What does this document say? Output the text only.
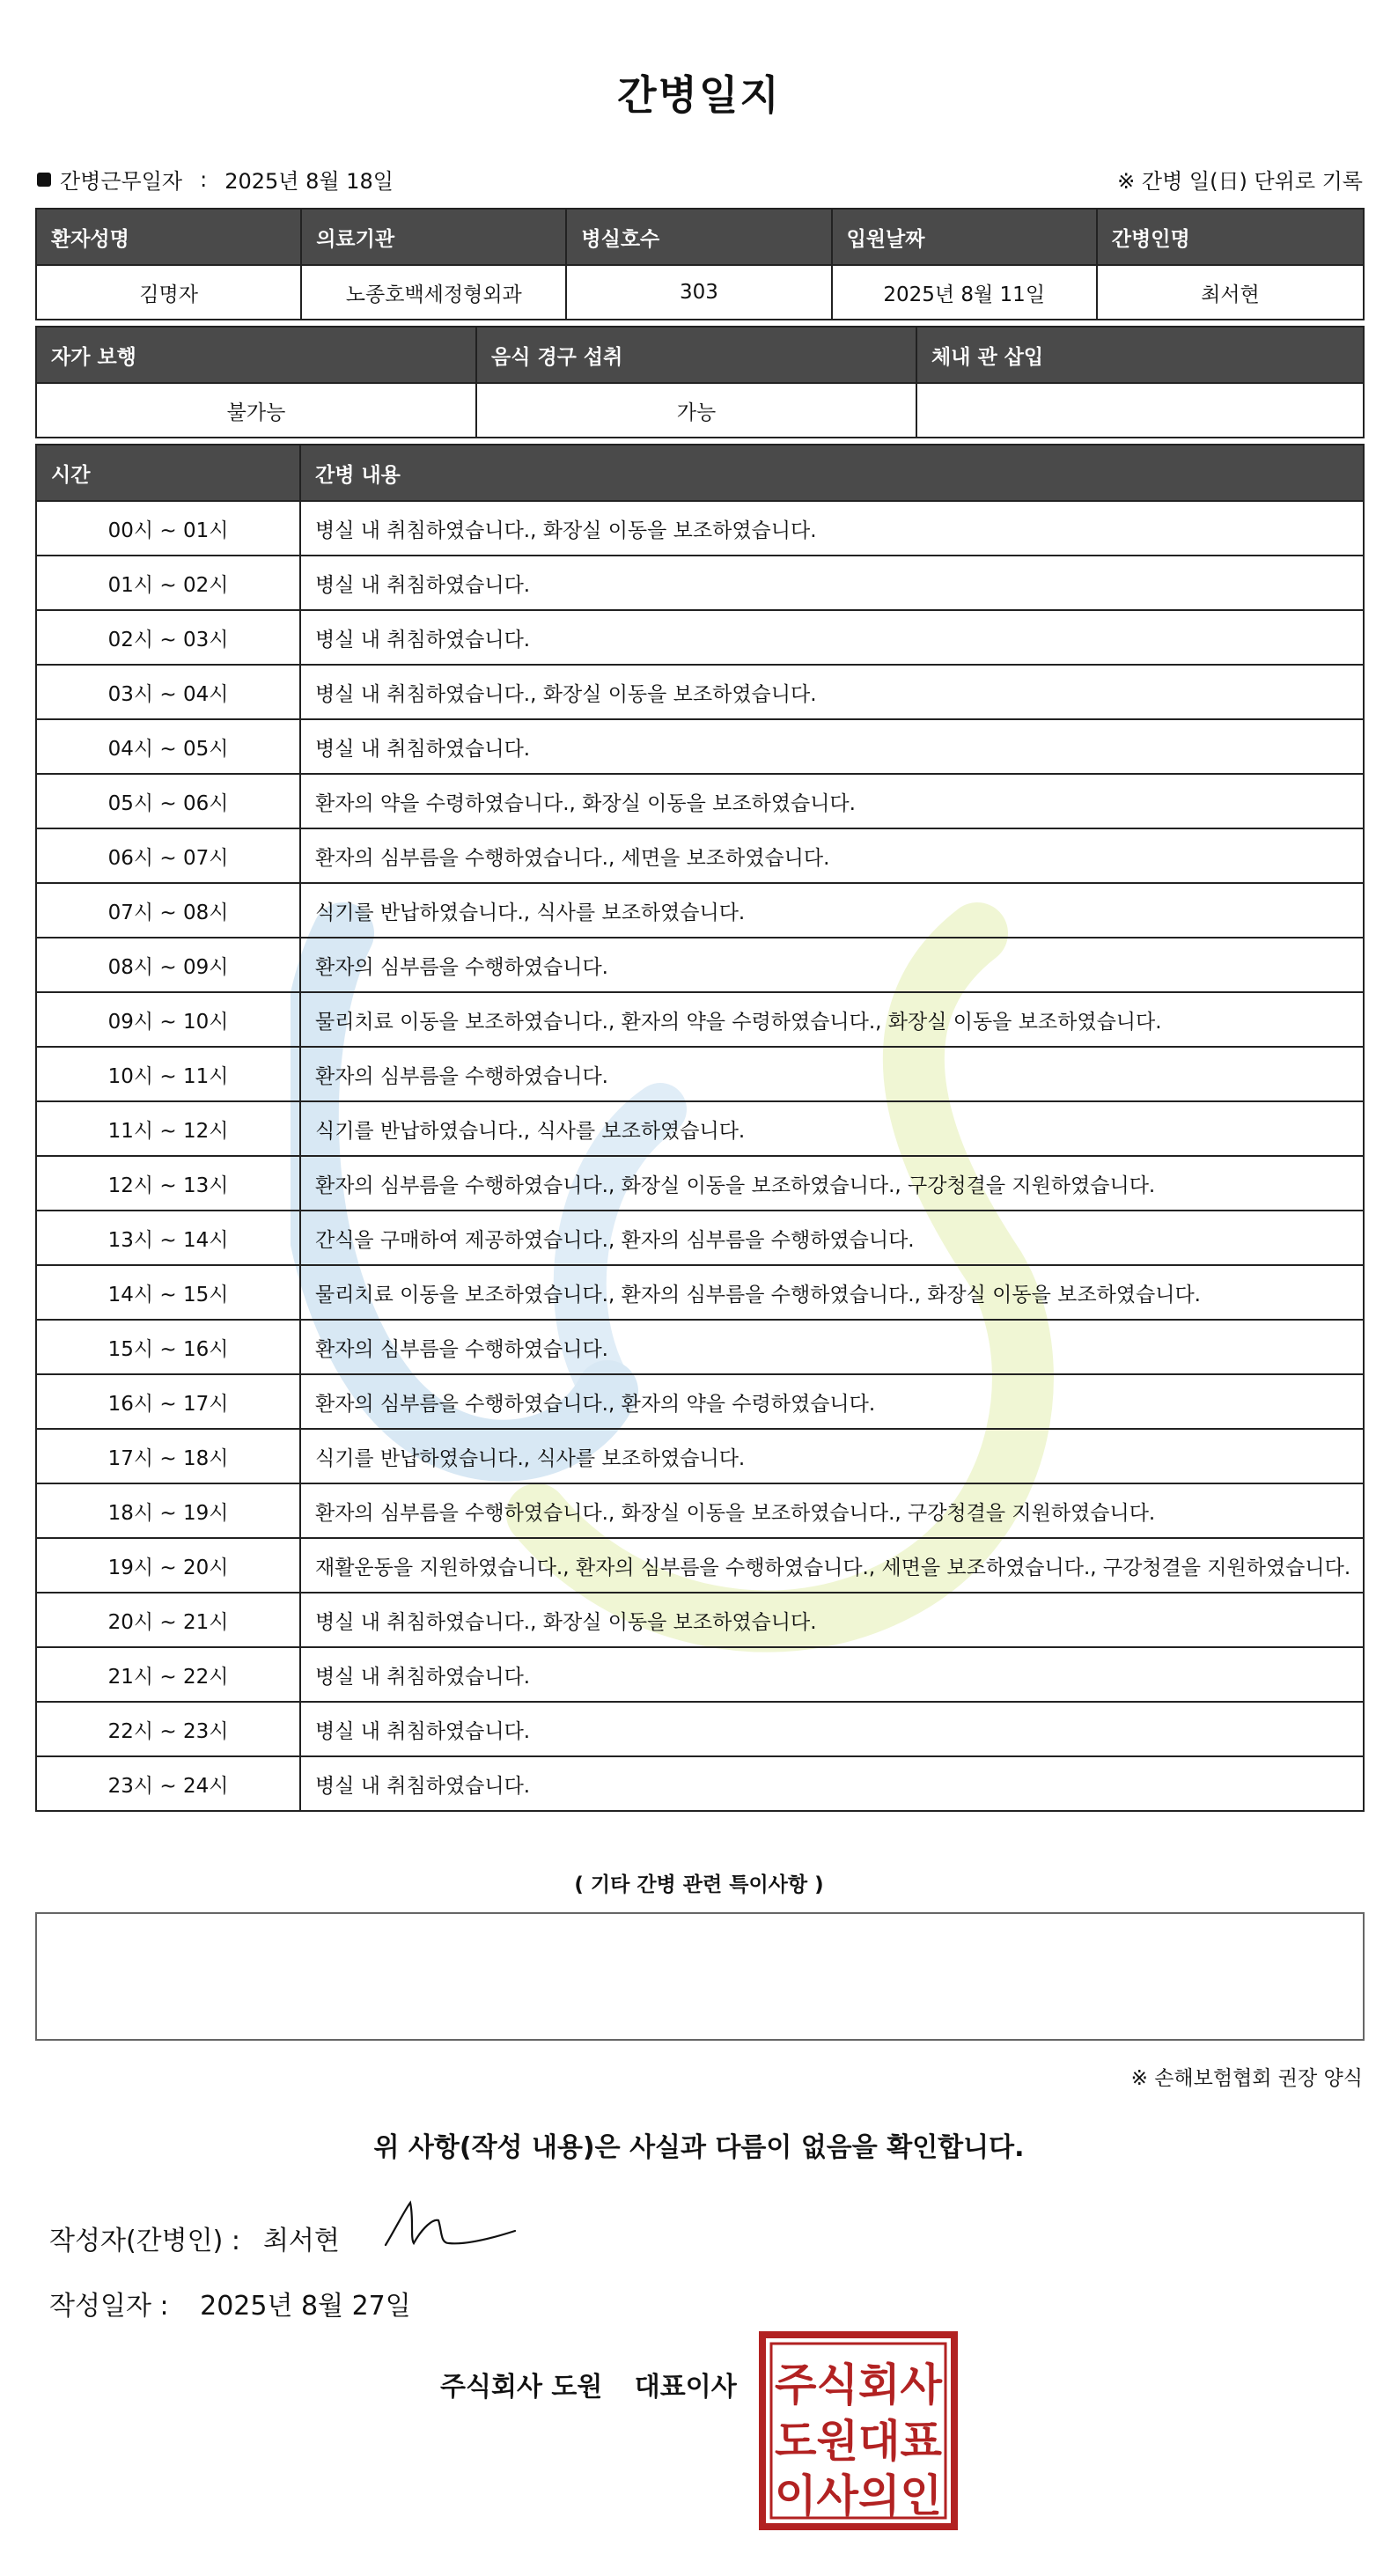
간병일지
간병근무일자 : 2025년 8월 18일	※ 간병 일(日) 단위로 기록
환자성명	의료기관	병실호수	입원날짜	간병인명
김명자	노종호백세정형외과	303	2025년 8월 11일	최서현
자가 보행	음식 경구 섭취	체내 관 삽입
불가능	가능
시간	간병 내용
00시 ~ 01시	병실 내 취침하였습니다., 화장실 이동을 보조하였습니다.
01시 ~ 02시	병실 내 취침하였습니다.
02시 ~ 03시	병실 내 취침하였습니다.
03시 ~ 04시	병실 내 취침하였습니다., 화장실 이동을 보조하였습니다.
04시 ~ 05시	병실 내 취침하였습니다.
05시 ~ 06시	환자의 약을 수령하였습니다., 화장실 이동을 보조하였습니다.
06시 ~ 07시	환자의 심부름을 수행하였습니다., 세면을 보조하였습니다.
07시 ~ 08시	식기를 반납하였습니다., 식사를 보조하였습니다.
08시 ~ 09시	환자의 심부름을 수행하였습니다.
09시 ~ 10시	물리치료 이동을 보조하였습니다., 환자의 약을 수령하였습니다., 화장실 이동을 보조하였습니다.
10시 ~ 11시	환자의 심부름을 수행하였습니다.
11시 ~ 12시	식기를 반납하였습니다., 식사를 보조하였습니다.
12시 ~ 13시	환자의 심부름을 수행하였습니다., 화장실 이동을 보조하였습니다., 구강청결을 지원하였습니다.
13시 ~ 14시	간식을 구매하여 제공하였습니다., 환자의 심부름을 수행하였습니다.
14시 ~ 15시	물리치료 이동을 보조하였습니다., 환자의 심부름을 수행하였습니다., 화장실 이동을 보조하였습니다.
15시 ~ 16시	환자의 심부름을 수행하였습니다.
16시 ~ 17시	환자의 심부름을 수행하였습니다., 환자의 약을 수령하였습니다.
17시 ~ 18시	식기를 반납하였습니다., 식사를 보조하였습니다.
18시 ~ 19시	환자의 심부름을 수행하였습니다., 화장실 이동을 보조하였습니다., 구강청결을 지원하였습니다.
19시 ~ 20시	재활운동을 지원하였습니다., 환자의 심부름을 수행하였습니다., 세면을 보조하였습니다., 구강청결을 지원하였습니다.
20시 ~ 21시	병실 내 취침하였습니다., 화장실 이동을 보조하였습니다.
21시 ~ 22시	병실 내 취침하였습니다.
22시 ~ 23시	병실 내 취침하였습니다.
23시 ~ 24시	병실 내 취침하였습니다.
( 기타 간병 관련 특이사항 )
※ 손해보험협회 권장 양식
위 사항(작성 내용)은 사실과 다름이 없음을 확인합니다.
작성자(간병인) : 최서현
작성일자 : 2025년 8월 27일
주식회사 도원 대표이사 주식회사
도원대표
이사의인
